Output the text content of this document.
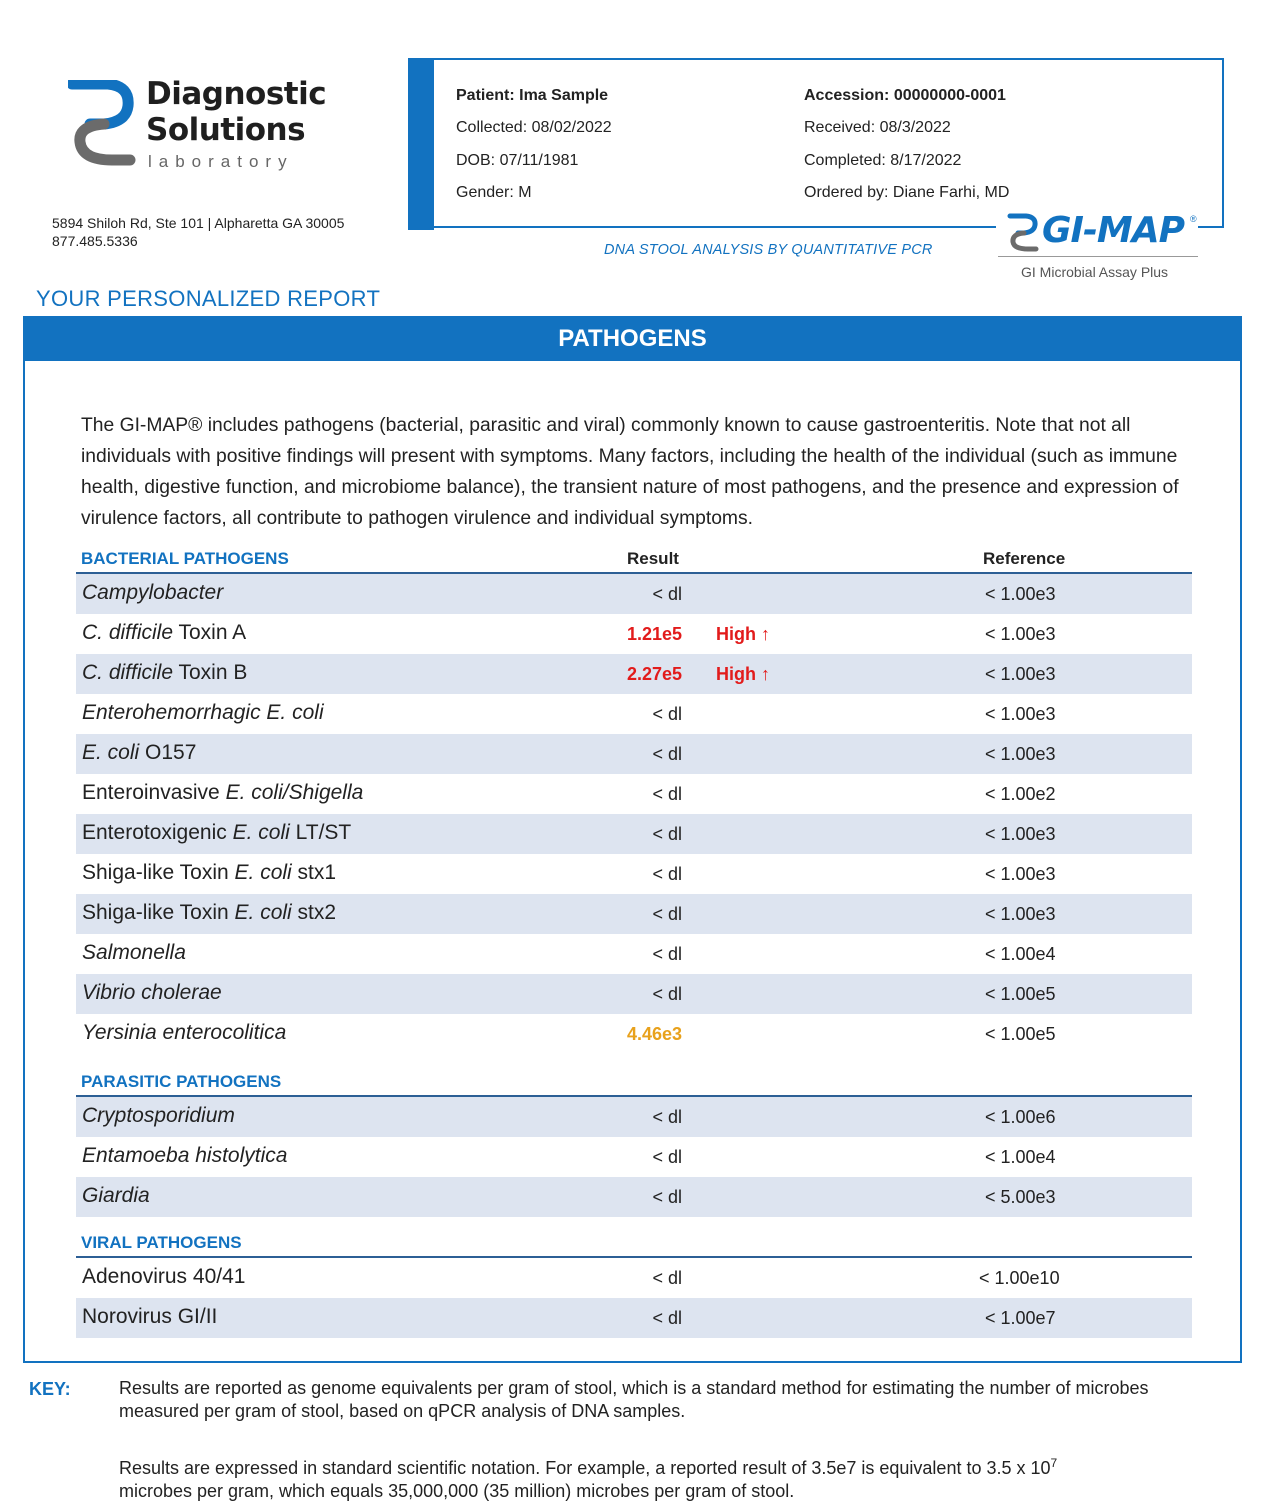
Diagnostic
Solutions
laboratory
5894 Shiloh Rd, Ste 101 | Alpharetta GA 30005
877.485.5336
Patient: Ima Sample
Collected: 08/02/2022
DOB: 07/11/1981
Gender: M
Accession: 00000000-0001
Received: 08/3/2022
Completed: 8/17/2022
Ordered by: Diane Farhi, MD
GI-MAP ®
GI Microbial Assay Plus
DNA STOOL ANALYSIS BY QUANTITATIVE PCR
YOUR PERSONALIZED REPORT
PATHOGENS
The GI-MAP® includes pathogens (bacterial, parasitic and viral) commonly known to cause gastroenteritis. Note that not all individuals with positive findings will present with symptoms. Many factors, including the health of the individual (such as immune health, digestive function, and microbiome balance), the transient nature of most pathogens, and the presence and expression of virulence factors, all contribute to pathogen virulence and individual symptoms.
BACTERIAL PATHOGENS	Result	Reference
Campylobacter	< dl	< 1.00e3
C. difficile Toxin A	1.21e5 High ↑	< 1.00e3
C. difficile Toxin B	2.27e5 High ↑	< 1.00e3
Enterohemorrhagic E. coli	< dl	< 1.00e3
E. coli O157	< dl	< 1.00e3
Enteroinvasive E. coli/Shigella	< dl	< 1.00e2
Enterotoxigenic E. coli LT/ST	< dl	< 1.00e3
Shiga-like Toxin E. coli stx1	< dl	< 1.00e3
Shiga-like Toxin E. coli stx2	< dl	< 1.00e3
Salmonella	< dl	< 1.00e4
Vibrio cholerae	< dl	< 1.00e5
Yersinia enterocolitica	4.46e3	< 1.00e5
PARASITIC PATHOGENS
Cryptosporidium	< dl	< 1.00e6
Entamoeba histolytica	< dl	< 1.00e4
Giardia	< dl	< 5.00e3
VIRAL PATHOGENS
Adenovirus 40/41	< dl	< 1.00e10
Norovirus GI/II	< dl	< 1.00e7
KEY:	Results are reported as genome equivalents per gram of stool, which is a standard method for estimating the number of microbes measured per gram of stool, based on qPCR analysis of DNA samples.
Results are expressed in standard scientific notation. For example, a reported result of 3.5e7 is equivalent to 3.5 x $10^7$
microbes per gram, which equals 35,000,000 (35 million) microbes per gram of stool.
